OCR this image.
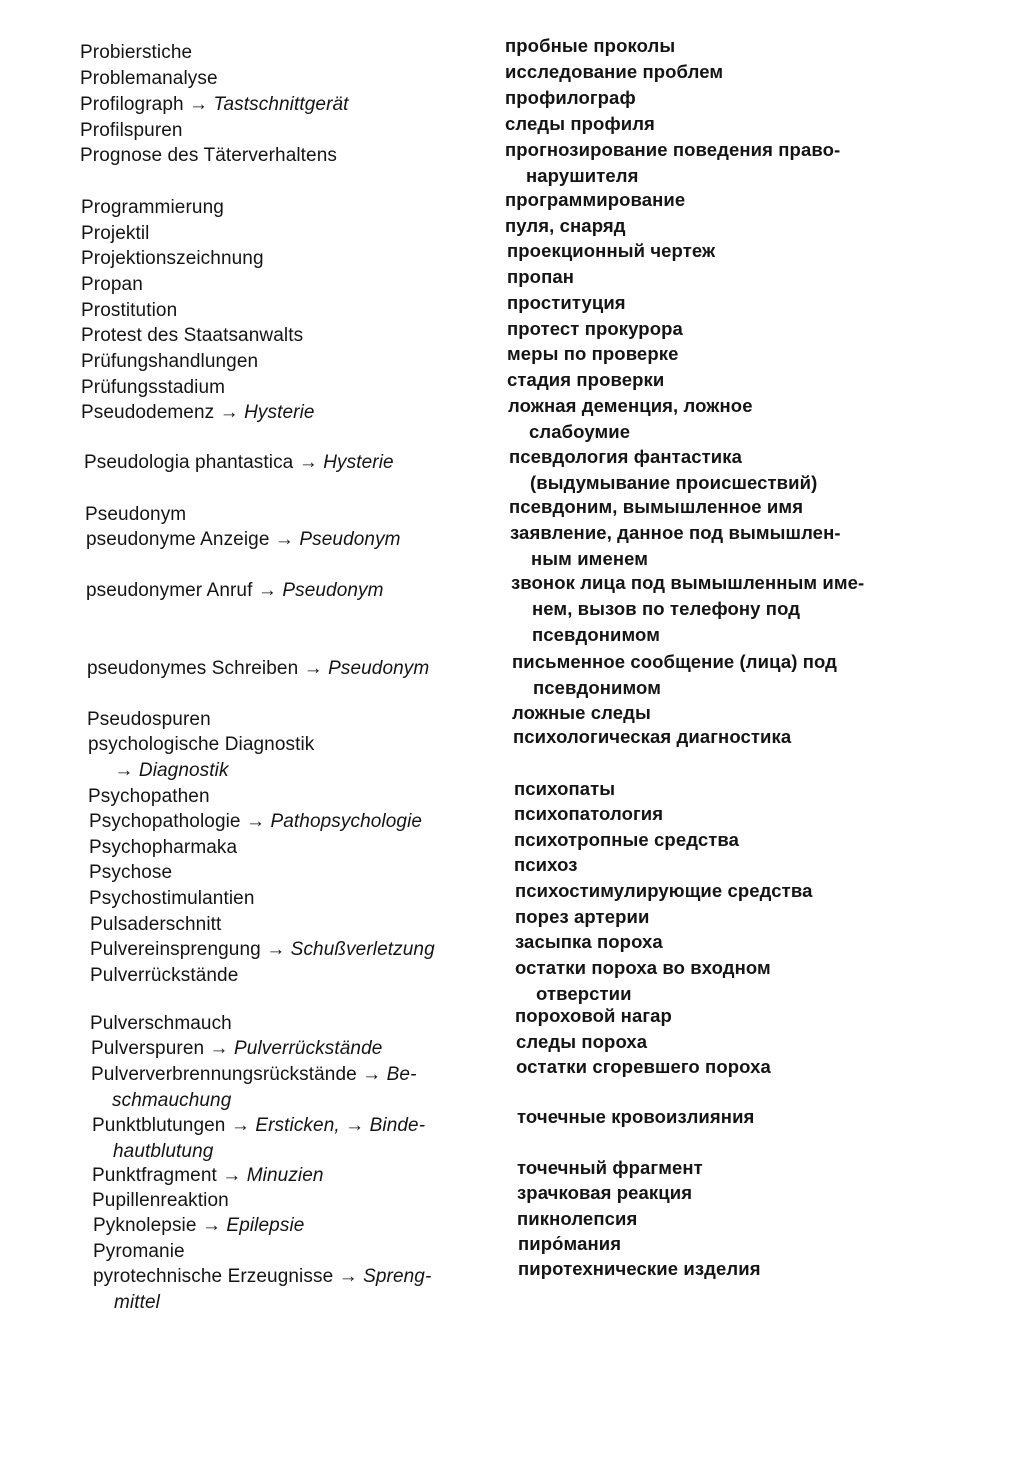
Probierstiche
Problemanalyse
Profilograph → Tastschnittgerät
Profilspuren
Prognose des Täterverhaltens
Programmierung
Projektil
Projektionszeichnung
Propan
Prostitution
Protest des Staatsanwalts
Prüfungshandlungen
Prüfungsstadium
Pseudodemenz → Hysterie
Pseudologia phantastica → Hysterie
Pseudonym
pseudonyme Anzeige → Pseudonym
pseudonymer Anruf → Pseudonym
pseudonymes Schreiben → Pseudonym
Pseudospuren
psychologische Diagnostik
→ Diagnostik
Psychopathen
Psychopathologie → Pathopsychologie
Psychopharmaka
Psychose
Psychostimulantien
Pulsaderschnitt
Pulvereinsprengung → Schußverletzung
Pulverrückstände
Pulverschmauch
Pulverspuren → Pulverrückstände
Pulververbrennungsrückstände → Be-
schmauchung
Punktblutungen → Ersticken, → Binde-
hautblutung
Punktfragment → Minuzien
Pupillenreaktion
Pyknolepsie → Epilepsie
Pyromanie
pyrotechnische Erzeugnisse → Spreng-
mittel
пробные проколы
исследование проблем
профилограф
следы профиля
прогнозирование поведения право-
нарушителя
программирование
пуля, снаряд
проекционный чертеж
пропан
проституция
протест прокурора
меры по проверке
стадия проверки
ложная деменция, ложное
слабоумие
псевдология фантастика
(выдумывание происшествий)
псевдоним, вымышленное имя
заявление, данное под вымышлен-
ным именем
звонок лица под вымышленным име-
нем, вызов по телефону под
псевдонимом
письменное сообщение (лица) под
псевдонимом
ложные следы
психологическая диагностика
психопаты
психопатология
психотропные средства
психоз
психостимулирующие средства
порез артерии
засыпка пороха
остатки пороха во входном
отверстии
пороховой нагар
следы пороха
остатки сгоревшего пороха
точечные кровоизлияния
точечный фрагмент
зрачковая реакция
пикнолепсия
пиро́мания
пиротехнические изделия
